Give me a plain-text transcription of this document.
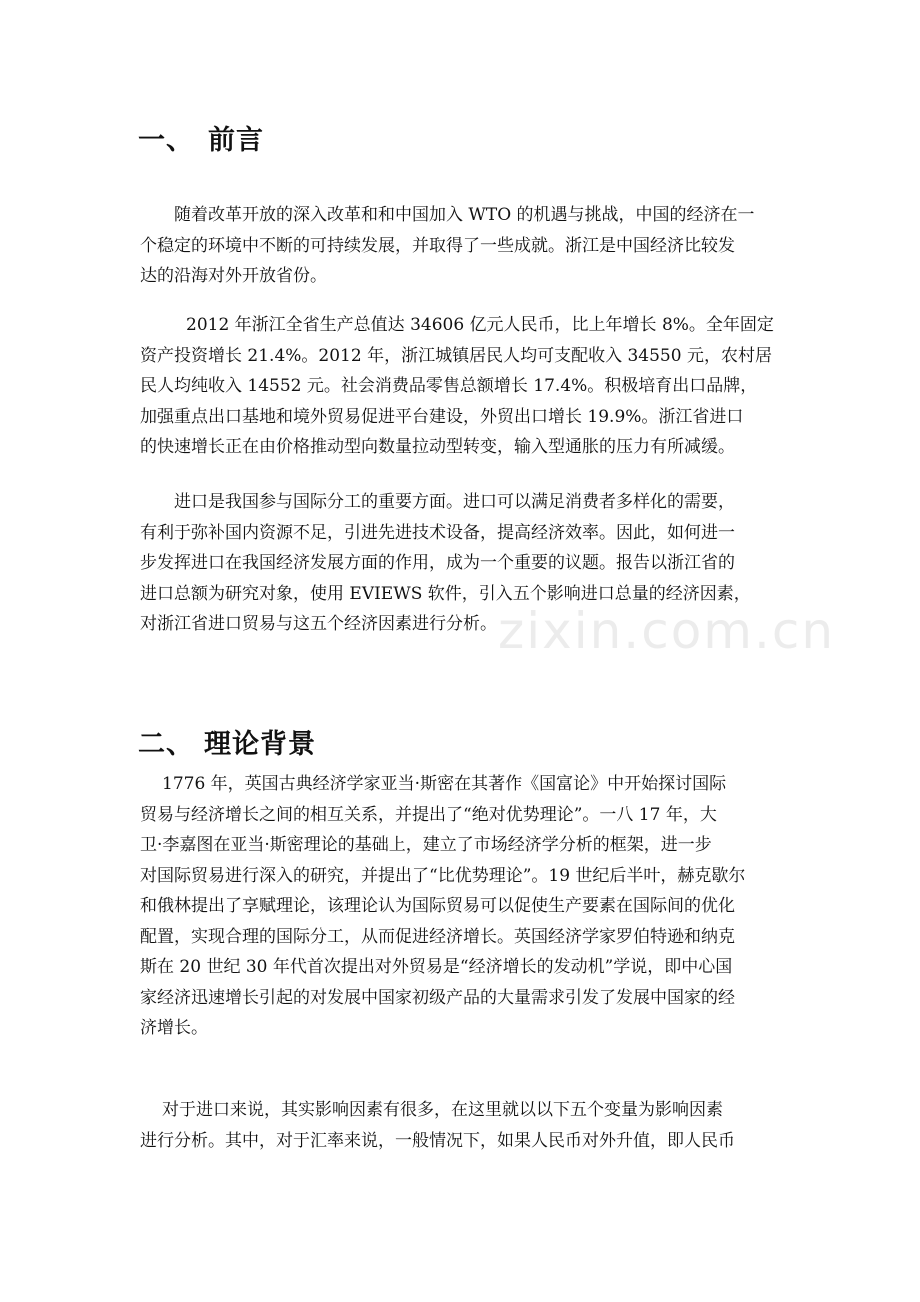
一、 前言
随着改革开放的深入改革和和中国加入 WTO 的机遇与挑战，中国的经济在一
个稳定的环境中不断的可持续发展，并取得了一些成就。浙江是中国经济比较发
达的沿海对外开放省份。
2012 年浙江全省生产总值达 34606 亿元人民币，比上年增长 8%。全年固定
资产投资增长 21.4%。2012 年，浙江城镇居民人均可支配收入 34550 元，农村居
民人均纯收入 14552 元。社会消费品零售总额增长 17.4%。积极培育出口品牌，
加强重点出口基地和境外贸易促进平台建设，外贸出口增长 19.9%。浙江省进口
的快速增长正在由价格推动型向数量拉动型转变，输入型通胀的压力有所减缓。
进口是我国参与国际分工的重要方面。进口可以满足消费者多样化的需要，
有利于弥补国内资源不足，引进先进技术设备，提高经济效率。因此，如何进一
步发挥进口在我国经济发展方面的作用，成为一个重要的议题。报告以浙江省的
进口总额为研究对象，使用 EVIEWS 软件，引入五个影响进口总量的经济因素，
对浙江省进口贸易与这五个经济因素进行分析。
二、 理论背景
1776 年，英国古典经济学家亚当·斯密在其著作《国富论》中开始探讨国际
贸易与经济增长之间的相互关系，并提出了“绝对优势理论”。一八 17 年，大
卫·李嘉图在亚当·斯密理论的基础上，建立了市场经济学分析的框架，进一步
对国际贸易进行深入的研究，并提出了“比优势理论”。19 世纪后半叶，赫克歇尔
和俄林提出了享赋理论，该理论认为国际贸易可以促使生产要素在国际间的优化
配置，实现合理的国际分工，从而促进经济增长。英国经济学家罗伯特逊和纳克
斯在 20 世纪 30 年代首次提出对外贸易是“经济增长的发动机”学说，即中心国
家经济迅速增长引起的对发展中国家初级产品的大量需求引发了发展中国家的经
济增长。
对于进口来说，其实影响因素有很多，在这里就以以下五个变量为影响因素
进行分析。其中，对于汇率来说，一般情况下，如果人民币对外升值，即人民币
zixin.com.cn
